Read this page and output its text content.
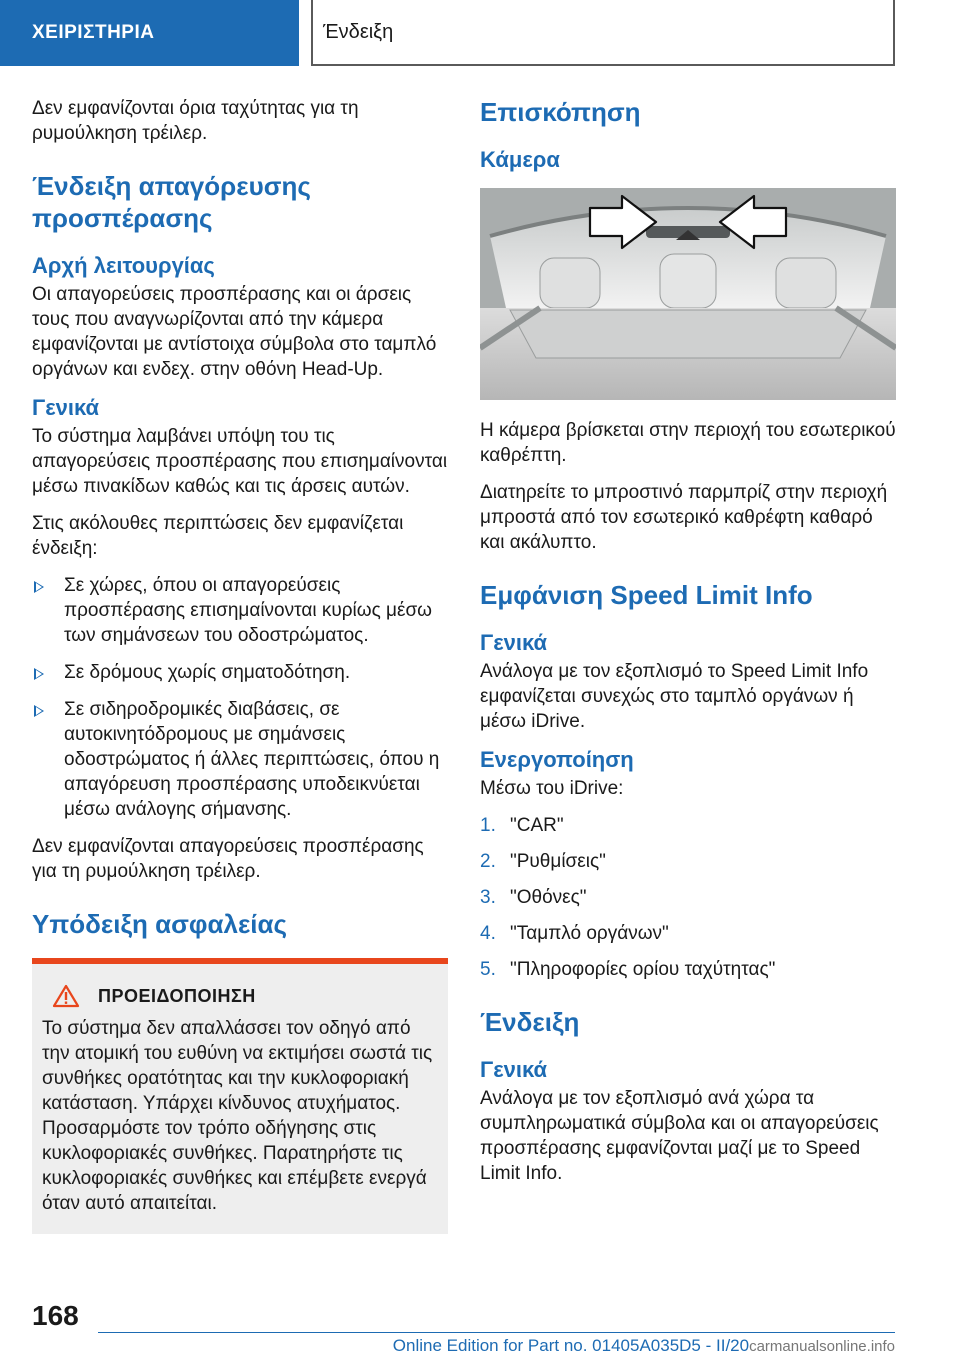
ΧΕΙΡΙΣΤΗΡΙΑ	Ένδειξη

Δεν εμφανίζονται όρια ταχύτητας για τη ρυμούλκηση τρέιλερ.

Ένδειξη απαγόρευσης προσπέρασης
Αρχή λειτουργίας

Οι απαγορεύσεις προσπέρασης και οι άρσεις τους που αναγνωρίζονται από την κάμερα εμφανίζονται με αντίστοιχα σύμβολα στο ταμπλό οργάνων και ενδεχ. στην οθόνη Head-Up.

Γενικά

Το σύστημα λαμβάνει υπόψη του τις απαγορεύσεις προσπέρασης που επισημαίνονται μέσω πινακίδων καθώς και τις άρσεις αυτών.

Στις ακόλουθες περιπτώσεις δεν εμφανίζεται ένδειξη:

Σε χώρες, όπου οι απαγορεύσεις προσπέρασης επισημαίνονται κυρίως μέσω των σημάνσεων του οδοστρώματος.
Σε δρόμους χωρίς σηματοδότηση.
Σε σιδηροδρομικές διαβάσεις, σε αυτοκινητόδρομους με σημάνσεις οδοστρώματος ή άλλες περιπτώσεις, όπου η απαγόρευση προσπέρασης υποδεικνύεται μέσω ανάλογης σήμανσης.

Δεν εμφανίζονται απαγορεύσεις προσπέρασης για τη ρυμούλκηση τρέιλερ.

Υπόδειξη ασφαλείας
ΠΡΟΕΙΔΟΠΟΙΗΣΗ

Το σύστημα δεν απαλλάσσει τον οδηγό από την ατομική του ευθύνη να εκτιμήσει σωστά τις συνθήκες ορατότητας και την κυκλοφοριακή κατάσταση. Υπάρχει κίνδυνος ατυχήματος. Προσαρμόστε τον τρόπο οδήγησης στις κυκλοφοριακές συνθήκες. Παρατηρήστε τις κυκλοφοριακές συνθήκες και επέμβετε ενεργά όταν αυτό απαιτείται.

Επισκόπηση
Κάμερα

Η κάμερα βρίσκεται στην περιοχή του εσωτερικού καθρέπτη.

Διατηρείτε το μπροστινό παρμπρίζ στην περιοχή μπροστά από τον εσωτερικό καθρέφτη καθαρό και ακάλυπτο.

Εμφάνιση Speed Limit Info
Γενικά

Ανάλογα με τον εξοπλισμό το Speed Limit Info εμφανίζεται συνεχώς στο ταμπλό οργάνων ή μέσω iDrive.

Ενεργοποίηση

Μέσω του iDrive:

1. "CAR"
2. "Ρυθμίσεις"
3. "Οθόνες"
4. "Ταμπλό οργάνων"
5. "Πληροφορίες ορίου ταχύτητας"
Ένδειξη
Γενικά

Ανάλογα με τον εξοπλισμό ανά χώρα τα συμπληρωματικά σύμβολα και οι απαγορεύσεις προσπέρασης εμφανίζονται μαζί με το Speed Limit Info.

168
Online Edition for Part no. 01405A035D5 - II/20carmanualsonline.info
